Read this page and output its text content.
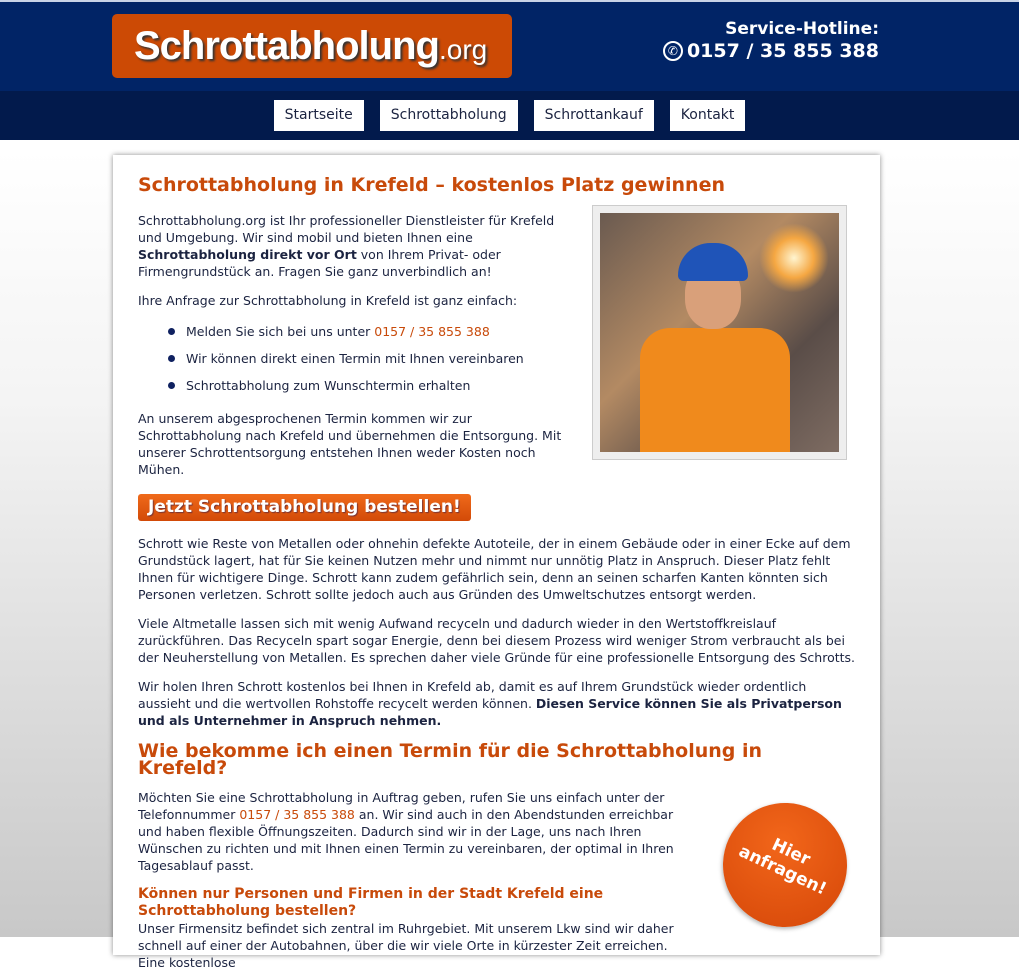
Schrottabholung.org
Service-Hotline:
✆ 0157 / 35 855 388
Startseite	Schrottabholung	Schrottankauf	Kontakt
Schrottabholung in Krefeld – kostenlos Platz gewinnen

Schrottabholung.org ist Ihr professioneller Dienstleister für Krefeld und Umgebung. Wir sind mobil und bieten Ihnen eine Schrottabholung direkt vor Ort von Ihrem Privat- oder Firmengrundstück an. Fragen Sie ganz unverbindlich an!

Ihre Anfrage zur Schrottabholung in Krefeld ist ganz einfach:

Melden Sie sich bei uns unter 0157 / 35 855 388
Wir können direkt einen Termin mit Ihnen vereinbaren
Schrottabholung zum Wunschtermin erhalten

An unserem abgesprochenen Termin kommen wir zur Schrottabholung nach Krefeld und übernehmen die Entsorgung. Mit unserer Schrottentsorgung entstehen Ihnen weder Kosten noch Mühen.

Jetzt Schrottabholung bestellen!

Schrott wie Reste von Metallen oder ohnehin defekte Autoteile, der in einem Gebäude oder in einer Ecke auf dem Grundstück lagert, hat für Sie keinen Nutzen mehr und nimmt nur unnötig Platz in Anspruch. Dieser Platz fehlt Ihnen für wichtigere Dinge. Schrott kann zudem gefährlich sein, denn an seinen scharfen Kanten könnten sich Personen verletzen. Schrott sollte jedoch auch aus Gründen des Umweltschutzes entsorgt werden.

Viele Altmetalle lassen sich mit wenig Aufwand recyceln und dadurch wieder in den Wertstoffkreislauf zurückführen. Das Recyceln spart sogar Energie, denn bei diesem Prozess wird weniger Strom verbraucht als bei der Neuherstellung von Metallen. Es sprechen daher viele Gründe für eine professionelle Entsorgung des Schrotts.

Wir holen Ihren Schrott kostenlos bei Ihnen in Krefeld ab, damit es auf Ihrem Grundstück wieder ordentlich aussieht und die wertvollen Rohstoffe recycelt werden können. Diesen Service können Sie als Privatperson und als Unternehmer in Anspruch nehmen.

Wie bekomme ich einen Termin für die Schrottabholung in Krefeld?

Möchten Sie eine Schrottabholung in Auftrag geben, rufen Sie uns einfach unter der Telefonnummer 0157 / 35 855 388 an. Wir sind auch in den Abendstunden erreichbar und haben flexible Öffnungszeiten. Dadurch sind wir in der Lage, uns nach Ihren Wünschen zu richten und mit Ihnen einen Termin zu vereinbaren, der optimal in Ihren Tagesablauf passt.

Können nur Personen und Firmen in der Stadt Krefeld eine Schrottabholung bestellen?

Unser Firmensitz befindet sich zentral im Ruhrgebiet. Mit unserem Lkw sind wir daher schnell auf einer der Autobahnen, über die wir viele Orte in kürzester Zeit erreichen. Eine kostenlose

Hier anfragen!
